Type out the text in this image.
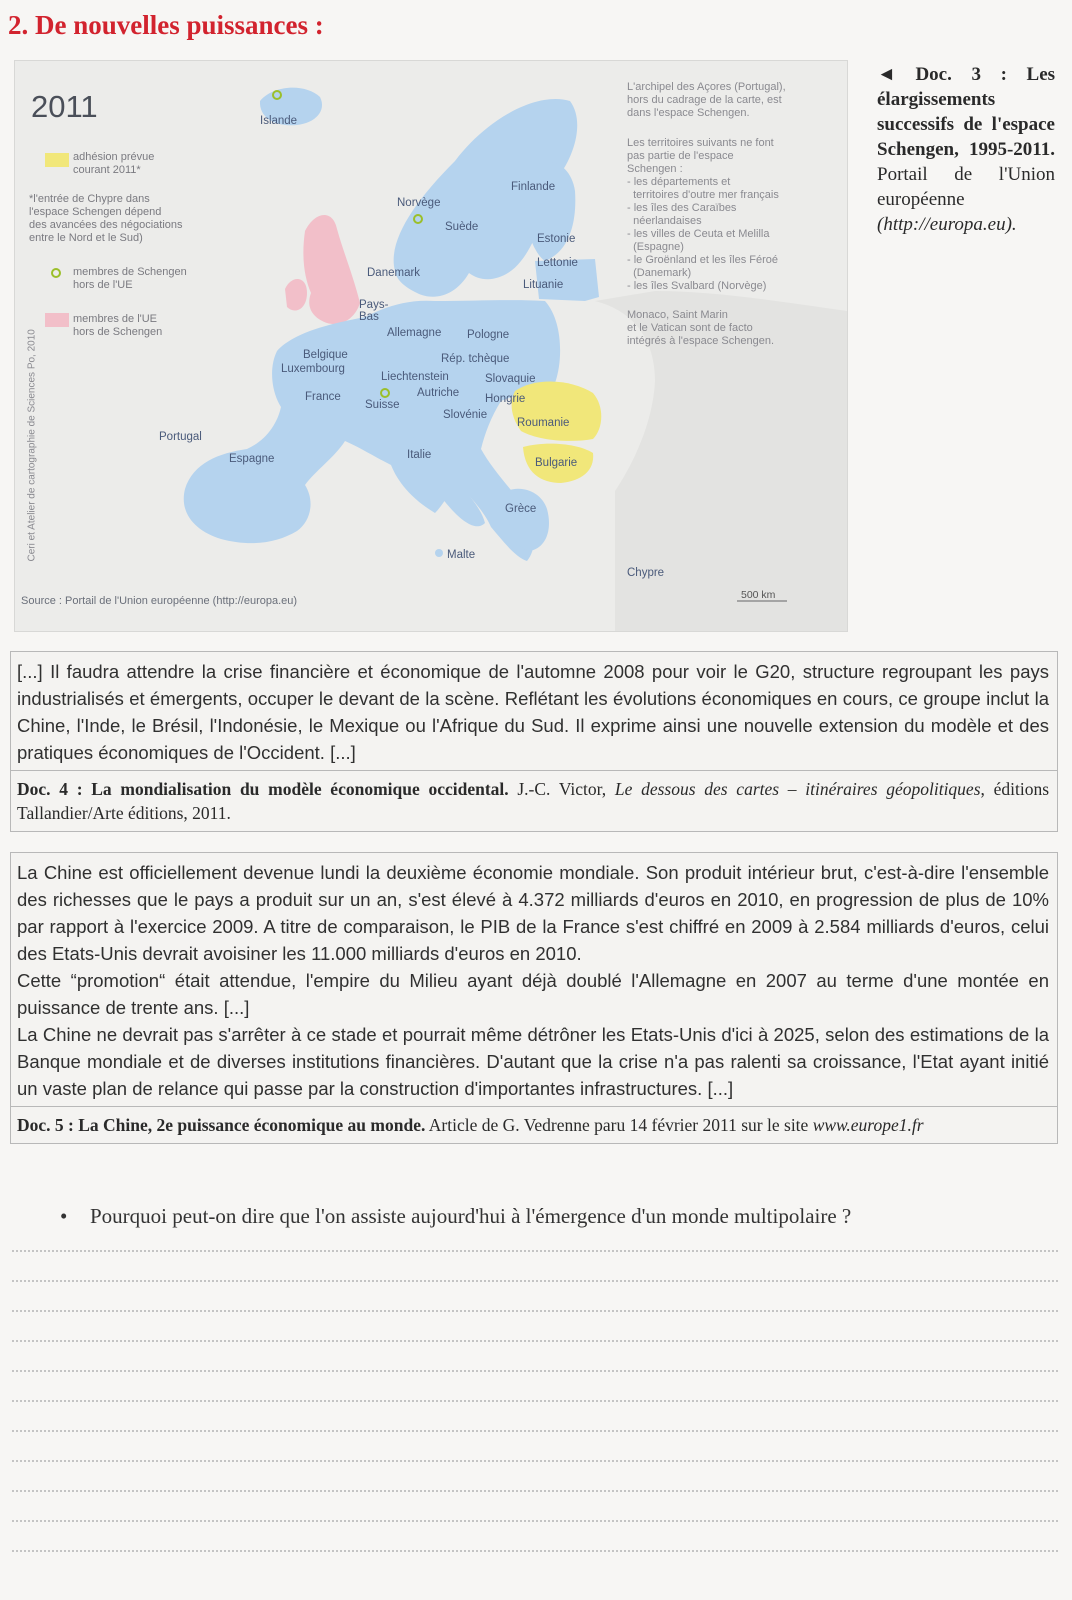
2. De nouvelles puissances :
2011
adhésion prévue
courant 2011*
*l'entrée de Chypre dans
l'espace Schengen dépend
des avancées des négociations
entre le Nord et le Sud)
membres de Schengen
hors de l'UE
membres de l'UE
hors de Schengen
L'archipel des Açores (Portugal),
hors du cadrage de la carte, est
dans l'espace Schengen.
Les territoires suivants ne font
pas partie de l'espace
Schengen :
- les départements et
territoires d'outre mer français
- les îles des Caraïbes
néerlandaises
- les villes de Ceuta et Melilla
(Espagne)
- le Groënland et les îles Féroé
(Danemark)
- les îles Svalbard (Norvège)
Monaco, Saint Marin
et le Vatican sont de facto
intégrés à l'espace Schengen.
Islande
Norvège
Suède
Finlande
Estonie
Lettonie
Lituanie
Danemark
Pays-
Bas
Allemagne Pologne
Belgique
Luxembourg
Rép. tchèque
Liechtenstein	Slovaquie
France
Suisse
Autriche Hongrie
Slovénie
Roumanie
Portugal
Espagne	Italie
Bulgarie
Grèce
Malte
Chypre
Source : Portail de l'Union européenne (http://europa.eu)	500 km
Ceri et Atelier de cartographie de Sciences Po, 2010
◄ Doc. 3 : Les élargissements successifs de l'espace Schengen, 1995-2011. Portail de l'Union européenne (http://europa.eu).

[...] Il faudra attendre la crise financière et économique de l'automne 2008 pour voir le G20, structure regroupant les pays industrialisés et émergents, occuper le devant de la scène. Reflétant les évolutions économiques en cours, ce groupe inclut la Chine, l'Inde, le Brésil, l'Indonésie, le Mexique ou l'Afrique du Sud. Il exprime ainsi une nouvelle extension du modèle et des pratiques économiques de l'Occident. [...]

Doc. 4 : La mondialisation du modèle économique occidental. J.-C. Victor, Le dessous des cartes – itinéraires géopolitiques, éditions Tallandier/Arte éditions, 2011.

La Chine est officiellement devenue lundi la deuxième économie mondiale. Son produit intérieur brut, c'est-à-dire l'ensemble des richesses que le pays a produit sur un an, s'est élevé à 4.372 milliards d'euros en 2010, en progression de plus de 10% par rapport à l'exercice 2009. A titre de comparaison, le PIB de la France s'est chiffré en 2009 à 2.584 milliards d'euros, celui des Etats-Unis devrait avoisiner les 11.000 milliards d'euros en 2010.

Cette “promotion“ était attendue, l'empire du Milieu ayant déjà doublé l'Allemagne en 2007 au terme d'une montée en puissance de trente ans. [...]

La Chine ne devrait pas s'arrêter à ce stade et pourrait même détrôner les Etats-Unis d'ici à 2025, selon des estimations de la Banque mondiale et de diverses institutions financières. D'autant que la crise n'a pas ralenti sa croissance, l'Etat ayant initié un vaste plan de relance qui passe par la construction d'importantes infrastructures. [...]

Doc. 5 : La Chine, 2e puissance économique au monde. Article de G. Vedrenne paru 14 février 2011 sur le site www.europe1.fr
• Pourquoi peut-on dire que l'on assiste aujourd'hui à l'émergence d'un monde multipolaire ?
